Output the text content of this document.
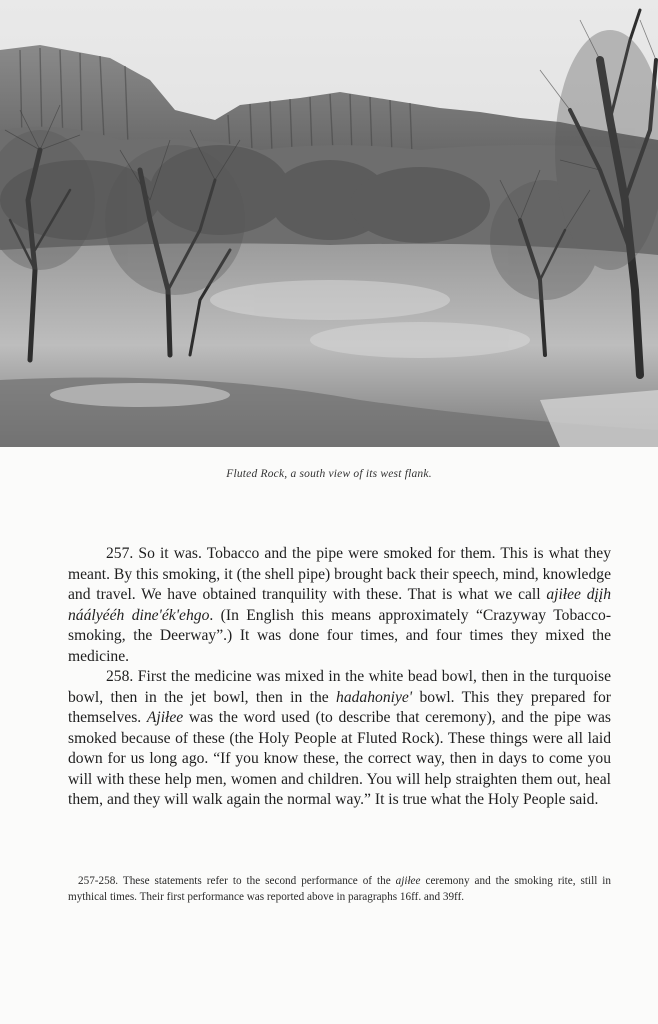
Fluted Rock, a south view of its west flank.

257. So it was. Tobacco and the pipe were smoked for them. This is what they meant. By this smoking, it (the shell pipe) brought back their speech, mind, knowledge and travel. We have obtained tranquility with these. That is what we call ajiłee dįįh náályééh dine'ék'ehgo. (In English this means approximately “Crazyway Tobacco-smoking, the Deerway”.) It was done four times, and four times they mixed the medicine.

258. First the medicine was mixed in the white bead bowl, then in the turquoise bowl, then in the jet bowl, then in the hadahoniye' bowl. This they prepared for themselves. Ajiłee was the word used (to describe that ceremony), and the pipe was smoked because of these (the Holy People at Fluted Rock). These things were all laid down for us long ago. “If you know these, the correct way, then in days to come you will with these help men, women and children. You will help straighten them out, heal them, and they will walk again the normal way.” It is true what the Holy People said.

257-258. These statements refer to the second performance of the ajiłee ceremony and the smoking rite, still in mythical times. Their first performance was reported above in paragraphs 16ff. and 39ff.
